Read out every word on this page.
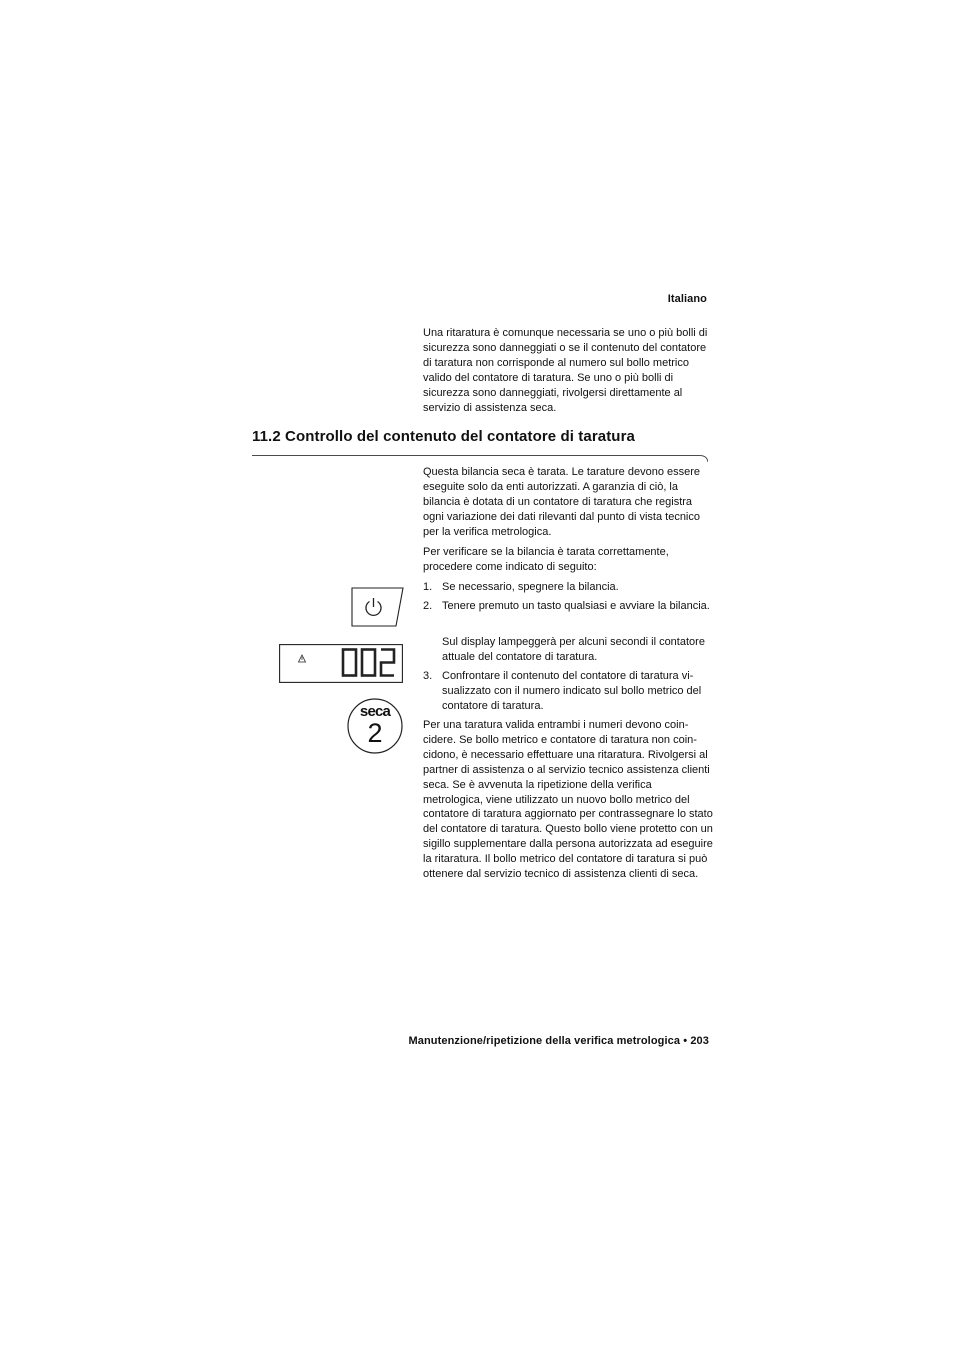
Italiano

Una ritaratura è comunque necessaria se uno o più bolli di sicurezza sono danneggiati o se il contenuto del contatore di taratura non corrisponde al numero sul bollo metrico valido del contatore di taratura. Se uno o più bolli di sicurezza sono danneggiati, rivolgersi direttamente al servizio di assistenza seca.

11.2 Controllo del contenuto del contatore di taratura

Questa bilancia seca è tarata. Le tarature devono essere eseguite solo da enti autorizzati. A garanzia di ciò, la bilancia è dotata di un contatore di taratura che registra ogni variazione dei dati rilevanti dal punto di vista tecnico per la verifica metrologica.

Per verificare se la bilancia è tarata correttamente, procedere come indicato di seguito:

1. Se necessario, spegnere la bilancia.
2. Tenere premuto un tasto qualsiasi e avviare la bilancia.

Sul display lampeggerà per alcuni secondi il contatore attuale del contatore di taratura.

3. Confrontare il contenuto del contatore di taratura visualizzato con il numero indicato sul bollo metrico del contatore di taratura.

Per una taratura valida entrambi i numeri devono coincidere. Se bollo metrico e contatore di taratura non coincidono, è necessario effettuare una ritaratura. Rivolgersi al partner di assistenza o al servizio tecnico assistenza clienti seca. Se è avvenuta la ripetizione della verifica metrologica, viene utilizzato un nuovo bollo metrico del contatore di taratura aggiornato per contrassegnare lo stato del contatore di taratura. Questo bollo viene protetto con un sigillo supplementare dalla persona autorizzata ad eseguire la ritaratura. Il bollo metrico del contatore di taratura si può ottenere dal servizio tecnico di assistenza clienti di seca.

seca
2
Manutenzione/ripetizione della verifica metrologica • 203
